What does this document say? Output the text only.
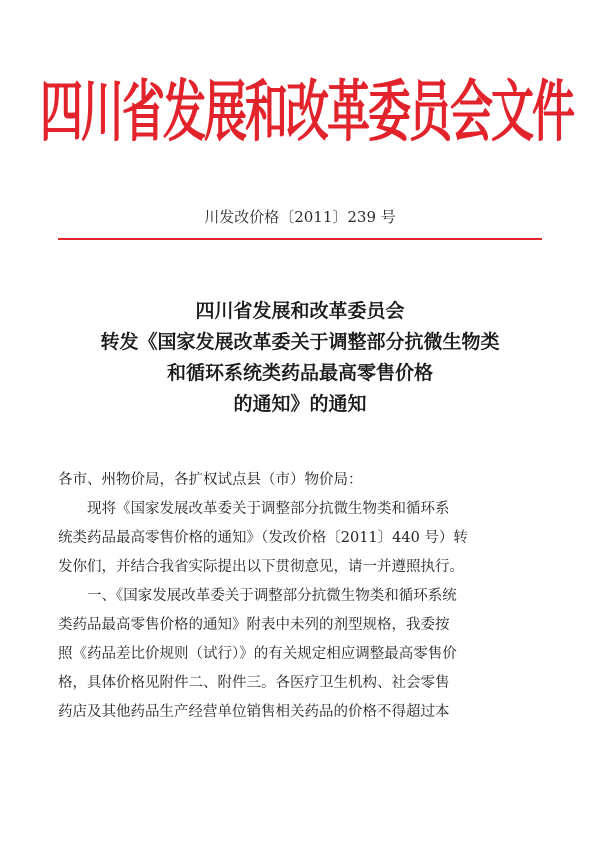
四川省发展和改革委员会文件
川发改价格〔2011〕239 号
四川省发展和改革委员会
转发《国家发展改革委关于调整部分抗微生物类
和循环系统类药品最高零售价格
的通知》的通知
各市、州物价局，各扩权试点县（市）物价局：
现将《国家发展改革委关于调整部分抗微生物类和循环系
统类药品最高零售价格的通知》（发改价格〔2011〕440 号）转
发你们，并结合我省实际提出以下贯彻意见，请一并遵照执行。
一、《国家发展改革委关于调整部分抗微生物类和循环系统
类药品最高零售价格的通知》附表中未列的剂型规格，我委按
照《药品差比价规则（试行）》的有关规定相应调整最高零售价
格，具体价格见附件二、附件三。各医疗卫生机构、社会零售
药店及其他药品生产经营单位销售相关药品的价格不得超过本
